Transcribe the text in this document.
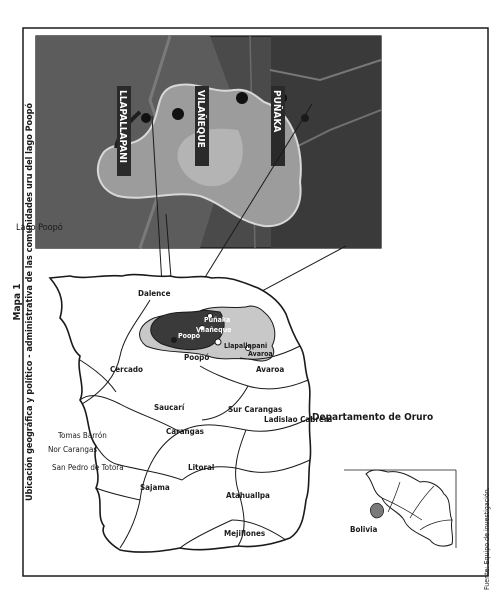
PUÑAKA
VILAÑEQUE
LLAPALLAPANI
Lago Poopó
Tomas Barrón
Nor Carangas
San Pedro de Totora
Cercado
Dalence
Saucarí
Carangas
Sajama
Sur Carangas
Litoral
Ladislao Cabrera
Atahuallpa
Mejillones
Poopó
Avaroa
Poopó
Puñaka
Vilañeque
Llapallapani
Avaroa
Departamento de Oruro
Bolivia
Mapa 1 Ubicación geográfica y político - administrativa de las comunidades uru del lago Poopó
Fuente: Equipo de investigación.
